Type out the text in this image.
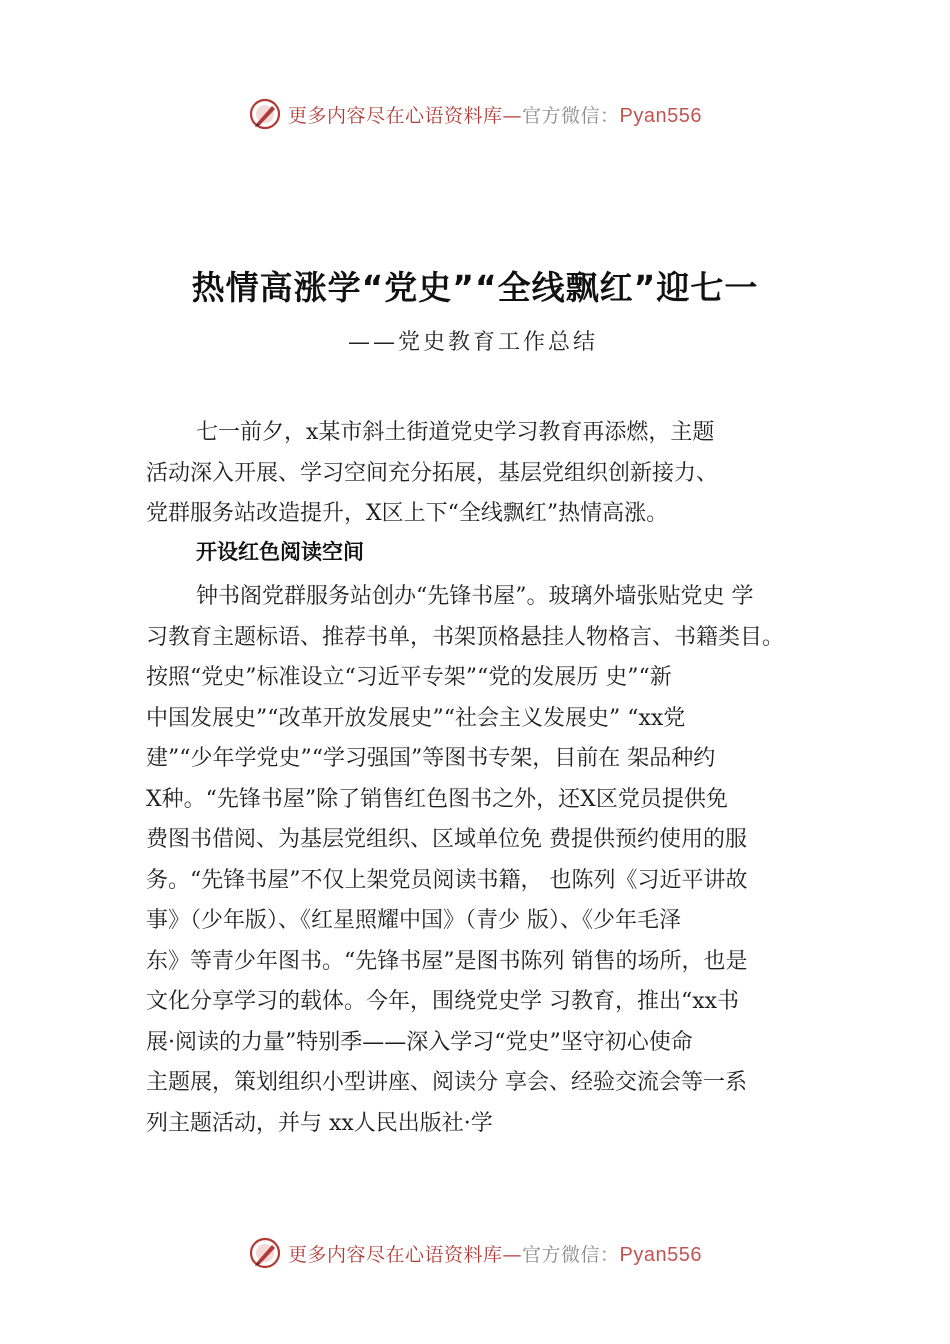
更多内容尽在心语资料库—官方微信：Pyan556
热情高涨学“党史”“全线飘红”迎七一
——党史教育工作总结
七一前夕，x某市斜土街道党史学习教育再添燃，主题
活动深入开展、学习空间充分拓展，基层党组织创新接力、
党群服务站改造提升，X区上下“全线飘红”热情高涨。
开设红色阅读空间
钟书阁党群服务站创办“先锋书屋”。玻璃外墙张贴党史 学
习教育主题标语、推荐书单，书架顶格悬挂人物格言、书籍类目。
按照“党史”标准设立“习近平专架”“党的发展历 史”“新
中国发展史”“改革开放发展史”“社会主义发展史” “xx党
建”“少年学党史”“学习强国”等图书专架，目前在 架品种约
X种。“先锋书屋”除了销售红色图书之外，还X区党员提供免
费图书借阅、为基层党组织、区域单位免 费提供预约使用的服
务。“先锋书屋”不仅上架党员阅读书籍， 也陈列《习近平讲故
事》（少年版）、《红星照耀中国》（青少 版）、《少年毛泽
东》等青少年图书。“先锋书屋”是图书陈列 销售的场所，也是
文化分享学习的载体。今年，围绕党史学 习教育，推出“xx书
展·阅读的力量”特别季——深入学习“党史”坚守初心使命
主题展，策划组织小型讲座、阅读分 享会、经验交流会等一系
列主题活动，并与 xx人民出版社·学
更多内容尽在心语资料库—官方微信：Pyan556
